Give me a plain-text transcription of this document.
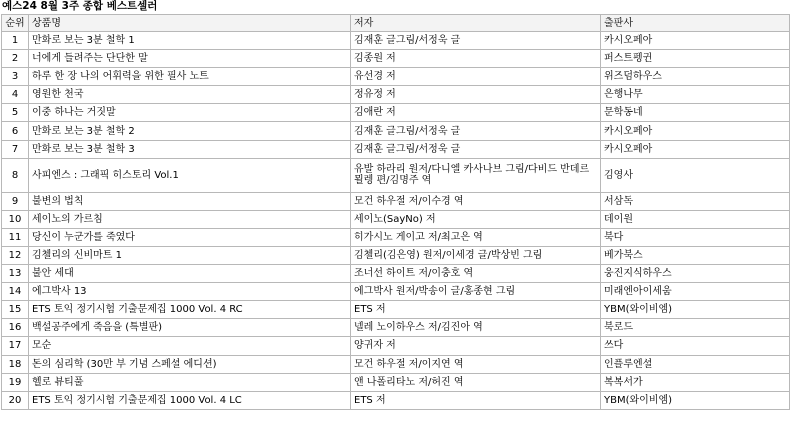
예스24 8월 3주 종합 베스트셀러
순위	상품명	저자	출판사
1	만화로 보는 3분 철학 1	김재훈 글그림/서정욱 글	카시오페아
2	너에게 들려주는 단단한 말	김종원 저	퍼스트펭귄
3	하루 한 장 나의 어휘력을 위한 필사 노트	유선경 저	위즈덤하우스
4	영원한 천국	정유정 저	은행나무
5	이중 하나는 거짓말	김애란 저	문학동네
6	만화로 보는 3분 철학 2	김재훈 글그림/서정욱 글	카시오페아
7	만화로 보는 3분 철학 3	김재훈 글그림/서정욱 글	카시오페아
8	사피엔스 : 그래픽 히스토리 Vol.1	유발 하라리 원저/다니엘 카사나브 그림/다비드 반데르묄렝 편/김명주 역	김영사
9	불변의 법칙	모건 하우절 저/이수경 역	서삼독
10	세이노의 가르침	세이노(SayNo) 저	데이원
11	당신이 누군가를 죽였다	히가시노 게이고 저/최고은 역	북다
12	김첼리의 신비마트 1	김첼리(김은영) 원저/이세경 글/박상빈 그림	베가북스
13	불안 세대	조너선 하이트 저/이충호 역	웅진지식하우스
14	에그박사 13	에그박사 원저/박송이 글/홍종현 그림	미래엔아이세움
15	ETS 토익 정기시험 기출문제집 1000 Vol. 4 RC	ETS 저	YBM(와이비엠)
16	백설공주에게 죽음을 (특별판)	넬레 노이하우스 저/김진아 역	북로드
17	모순	양귀자 저	쓰다
18	돈의 심리학 (30만 부 기념 스페셜 에디션)	모건 하우절 저/이지연 역	인플루엔셜
19	헬로 뷰티풀	앤 나폴리타노 저/허진 역	복복서가
20	ETS 토익 정기시험 기출문제집 1000 Vol. 4 LC	ETS 저	YBM(와이비엠)
